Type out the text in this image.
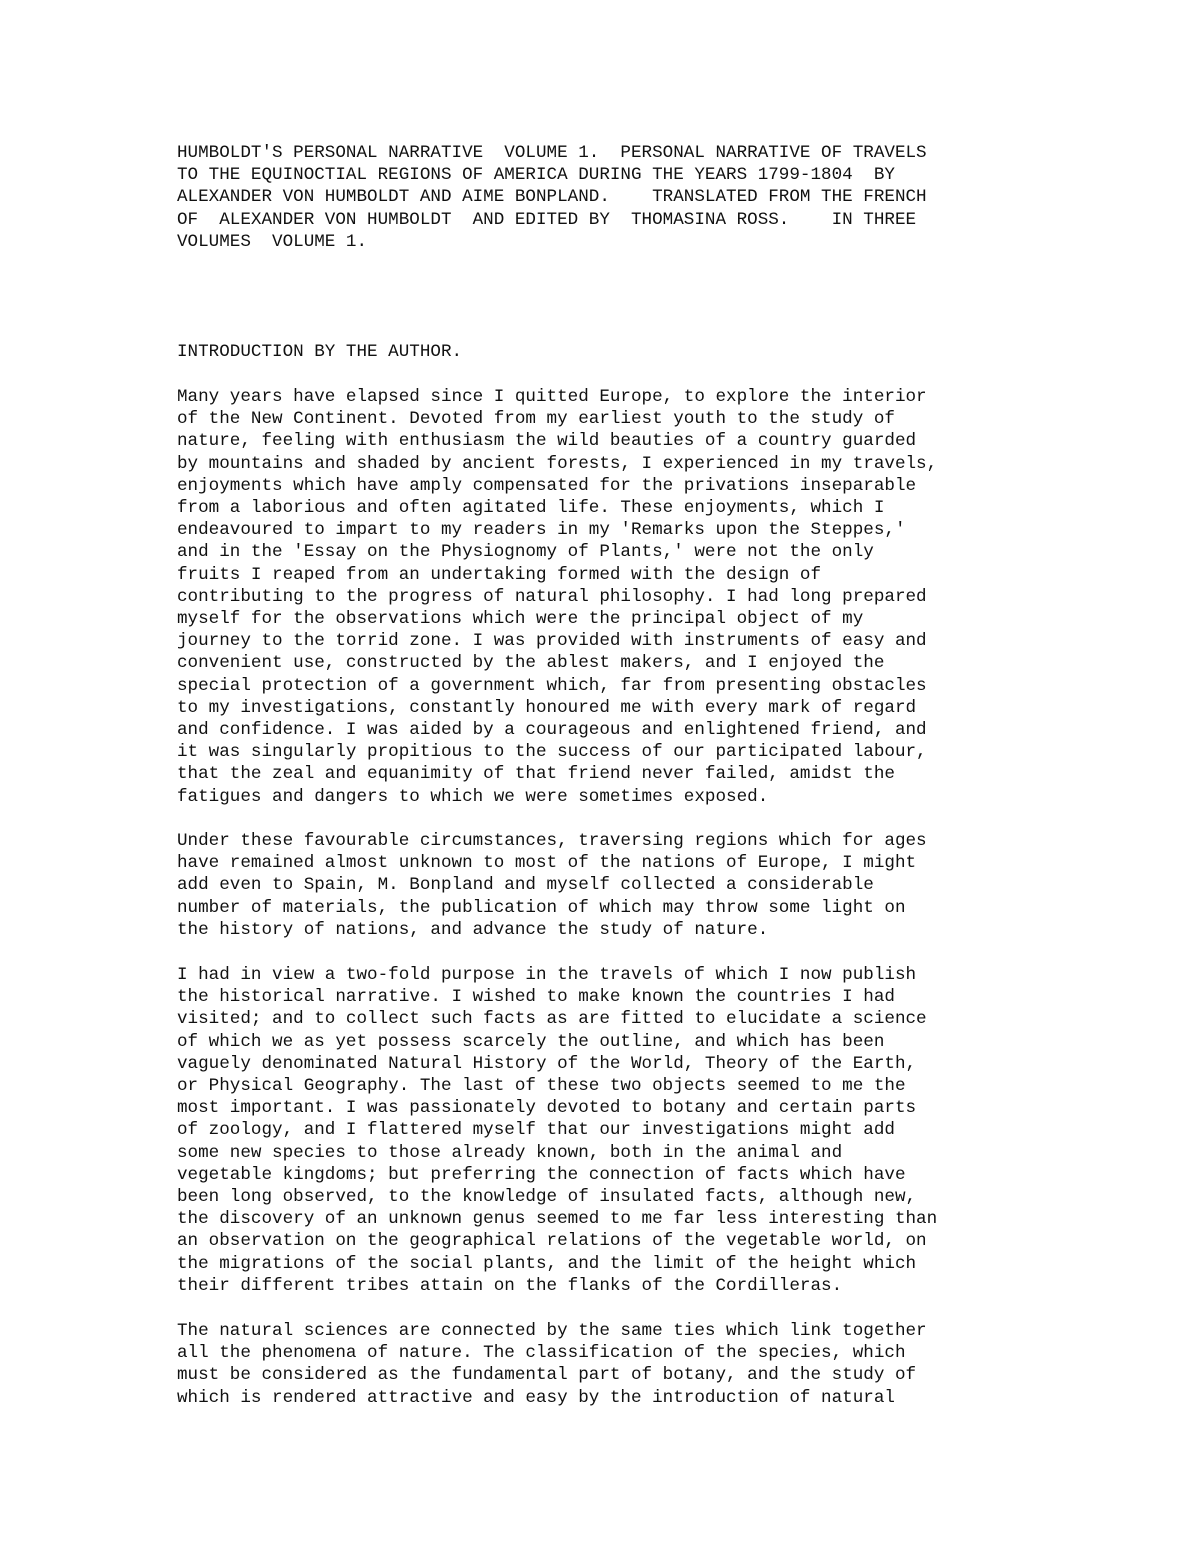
HUMBOLDT'S PERSONAL NARRATIVE  VOLUME 1.  PERSONAL NARRATIVE OF TRAVELS
TO THE EQUINOCTIAL REGIONS OF AMERICA DURING THE YEARS 1799-1804  BY
ALEXANDER VON HUMBOLDT AND AIME BONPLAND.    TRANSLATED FROM THE FRENCH
OF  ALEXANDER VON HUMBOLDT  AND EDITED BY  THOMASINA ROSS.    IN THREE
VOLUMES  VOLUME 1.
INTRODUCTION BY THE AUTHOR.
Many years have elapsed since I quitted Europe, to explore the interior
of the New Continent. Devoted from my earliest youth to the study of
nature, feeling with enthusiasm the wild beauties of a country guarded
by mountains and shaded by ancient forests, I experienced in my travels,
enjoyments which have amply compensated for the privations inseparable
from a laborious and often agitated life. These enjoyments, which I
endeavoured to impart to my readers in my 'Remarks upon the Steppes,'
and in the 'Essay on the Physiognomy of Plants,' were not the only
fruits I reaped from an undertaking formed with the design of
contributing to the progress of natural philosophy. I had long prepared
myself for the observations which were the principal object of my
journey to the torrid zone. I was provided with instruments of easy and
convenient use, constructed by the ablest makers, and I enjoyed the
special protection of a government which, far from presenting obstacles
to my investigations, constantly honoured me with every mark of regard
and confidence. I was aided by a courageous and enlightened friend, and
it was singularly propitious to the success of our participated labour,
that the zeal and equanimity of that friend never failed, amidst the
fatigues and dangers to which we were sometimes exposed.
Under these favourable circumstances, traversing regions which for ages
have remained almost unknown to most of the nations of Europe, I might
add even to Spain, M. Bonpland and myself collected a considerable
number of materials, the publication of which may throw some light on
the history of nations, and advance the study of nature.
I had in view a two-fold purpose in the travels of which I now publish
the historical narrative. I wished to make known the countries I had
visited; and to collect such facts as are fitted to elucidate a science
of which we as yet possess scarcely the outline, and which has been
vaguely denominated Natural History of the World, Theory of the Earth,
or Physical Geography. The last of these two objects seemed to me the
most important. I was passionately devoted to botany and certain parts
of zoology, and I flattered myself that our investigations might add
some new species to those already known, both in the animal and
vegetable kingdoms; but preferring the connection of facts which have
been long observed, to the knowledge of insulated facts, although new,
the discovery of an unknown genus seemed to me far less interesting than
an observation on the geographical relations of the vegetable world, on
the migrations of the social plants, and the limit of the height which
their different tribes attain on the flanks of the Cordilleras.
The natural sciences are connected by the same ties which link together
all the phenomena of nature. The classification of the species, which
must be considered as the fundamental part of botany, and the study of
which is rendered attractive and easy by the introduction of natural
